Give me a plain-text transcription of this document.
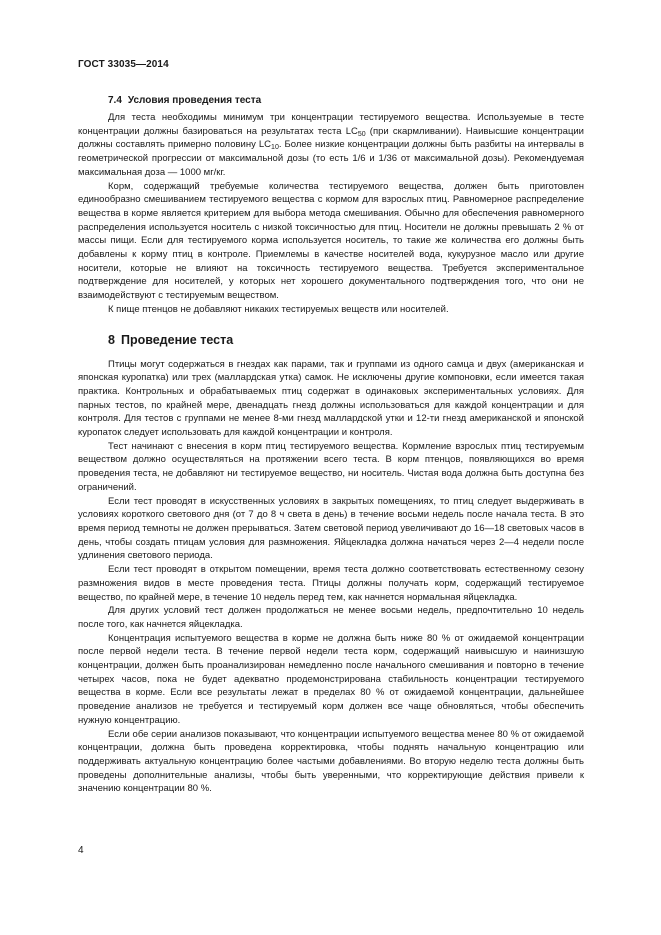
ГОСТ 33035—2014
7.4 Условия проведения теста

Для теста необходимы минимум три концентрации тестируемого вещества. Используемые в тесте концентрации должны базироваться на результатах теста $LC_{50}$ (при скармливании). Наивысшие концентрации должны составлять примерно половину $LC_{10}$. Более низкие концентрации должны быть разбиты на интервалы в геометрической прогрессии от максимальной дозы (то есть 1/6 и 1/36 от максимальной дозы). Рекомендуемая максимальная доза — 1000 мг/кг.

Корм, содержащий требуемые количества тестируемого вещества, должен быть приготовлен единообразно смешиванием тестируемого вещества с кормом для взрослых птиц. Равномерное распределение вещества в корме является критерием для выбора метода смешивания. Обычно для обеспечения равномерного распределения используется носитель с низкой токсичностью для птиц. Носители не должны превышать 2 % от массы пищи. Если для тестируемого корма используется носитель, то такие же количества его должны быть добавлены к корму птиц в контроле. Приемлемы в качестве носителей вода, кукурузное масло или другие носители, которые не влияют на токсичность тестируемого вещества. Требуется экспериментальное подтверждение для носителей, у которых нет хорошего документального подтверждения того, что они не взаимодействуют с тестируемым веществом.

К пище птенцов не добавляют никаких тестируемых веществ или носителей.

8 Проведение теста

Птицы могут содержаться в гнездах как парами, так и группами из одного самца и двух (американская и японская куропатка) или трех (маллардская утка) самок. Не исключены другие компоновки, если имеется такая практика. Контрольных и обрабатываемых птиц содержат в одинаковых экспериментальных условиях. Для парных тестов, по крайней мере, двенадцать гнезд должны использоваться для каждой концентрации и для контроля. Для тестов с группами не менее 8-ми гнезд маллардской утки и 12-ти гнезд американской и японской куропаток следует использовать для каждой концентрации и контроля.

Тест начинают с внесения в корм птиц тестируемого вещества. Кормление взрослых птиц тестируемым веществом должно осуществляться на протяжении всего теста. В корм птенцов, появляющихся во время проведения теста, не добавляют ни тестируемое вещество, ни носитель. Чистая вода должна быть доступна без ограничений.

Если тест проводят в искусственных условиях в закрытых помещениях, то птиц следует выдерживать в условиях короткого светового дня (от 7 до 8 ч света в день) в течение восьми недель после начала теста. В это время период темноты не должен прерываться. Затем световой период увеличивают до 16—18 световых часов в день, чтобы создать птицам условия для размножения. Яйцекладка должна начаться через 2—4 недели после удлинения светового периода.

Если тест проводят в открытом помещении, время теста должно соответствовать естественному сезону размножения видов в месте проведения теста. Птицы должны получать корм, содержащий тестируемое вещество, по крайней мере, в течение 10 недель перед тем, как начнется нормальная яйцекладка.

Для других условий тест должен продолжаться не менее восьми недель, предпочтительно 10 недель после того, как начнется яйцекладка.

Концентрация испытуемого вещества в корме не должна быть ниже 80 % от ожидаемой концентрации после первой недели теста. В течение первой недели теста корм, содержащий наивысшую и наинизшую концентрации, должен быть проанализирован немедленно после начального смешивания и повторно в течение четырех часов, пока не будет адекватно продемонстрирована стабильность концентрации тестируемого вещества в корме. Если все результаты лежат в пределах 80 % от ожидаемой концентрации, дальнейшее проведение анализов не требуется и тестируемый корм должен все чаще обновляться, чтобы обеспечить нужную концентрацию.

Если обе серии анализов показывают, что концентрации испытуемого вещества менее 80 % от ожидаемой концентрации, должна быть проведена корректировка, чтобы поднять начальную концентрацию или поддерживать актуальную концентрацию более частыми добавлениями. Во вторую неделю теста должны быть проведены дополнительные анализы, чтобы быть уверенными, что корректирующие действия привели к значению концентрации 80 %.

4
